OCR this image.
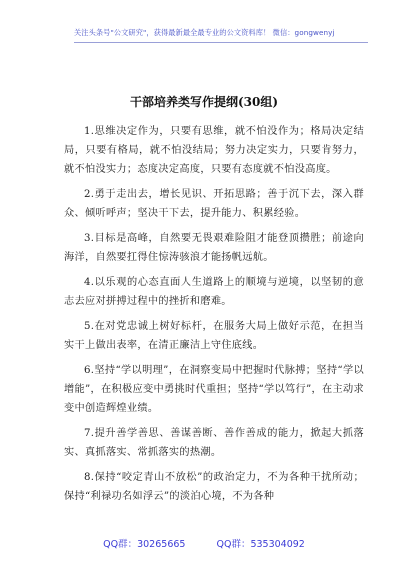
关注头条号"公文研究"，获得最新最全最专业的公文资料库！ 微信：gongwenyj
干部培养类写作提纲(30组)

1.思维决定作为，只要有思维，就不怕没作为；格局决定结局，只要有格局，就不怕没结局；努力决定实力，只要肯努力，就不怕没实力；态度决定高度，只要有态度就不怕没高度。

2.勇于走出去，增长见识、开拓思路；善于沉下去，深入群众、倾听呼声；坚决干下去，提升能力、积累经验。

3.目标是高峰，自然要无畏艰难险阻才能登顶攒胜；前途向海洋，自然要扛得住惊涛骇浪才能扬帆远航。

4.以乐观的心态直面人生道路上的顺境与逆境，以坚韧的意志去应对拼搏过程中的挫折和磨难。

5.在对党忠诚上树好标杆，在服务大局上做好示范，在担当实干上做出表率，在清正廉洁上守住底线。

6.坚持“学以明理”，在洞察变局中把握时代脉搏；坚持“学以增能”，在积极应变中勇挑时代重担；坚持“学以笃行”，在主动求变中创造辉煌业绩。

7.提升善学善思、善谋善断、善作善成的能力，掀起大抓落实、真抓落实、常抓落实的热潮。

8.保持“咬定青山不放松”的政治定力，不为各种干扰所动；保持“利禄功名如浮云”的淡泊心境，不为各种

QQ群：30265665	QQ群：535304092
